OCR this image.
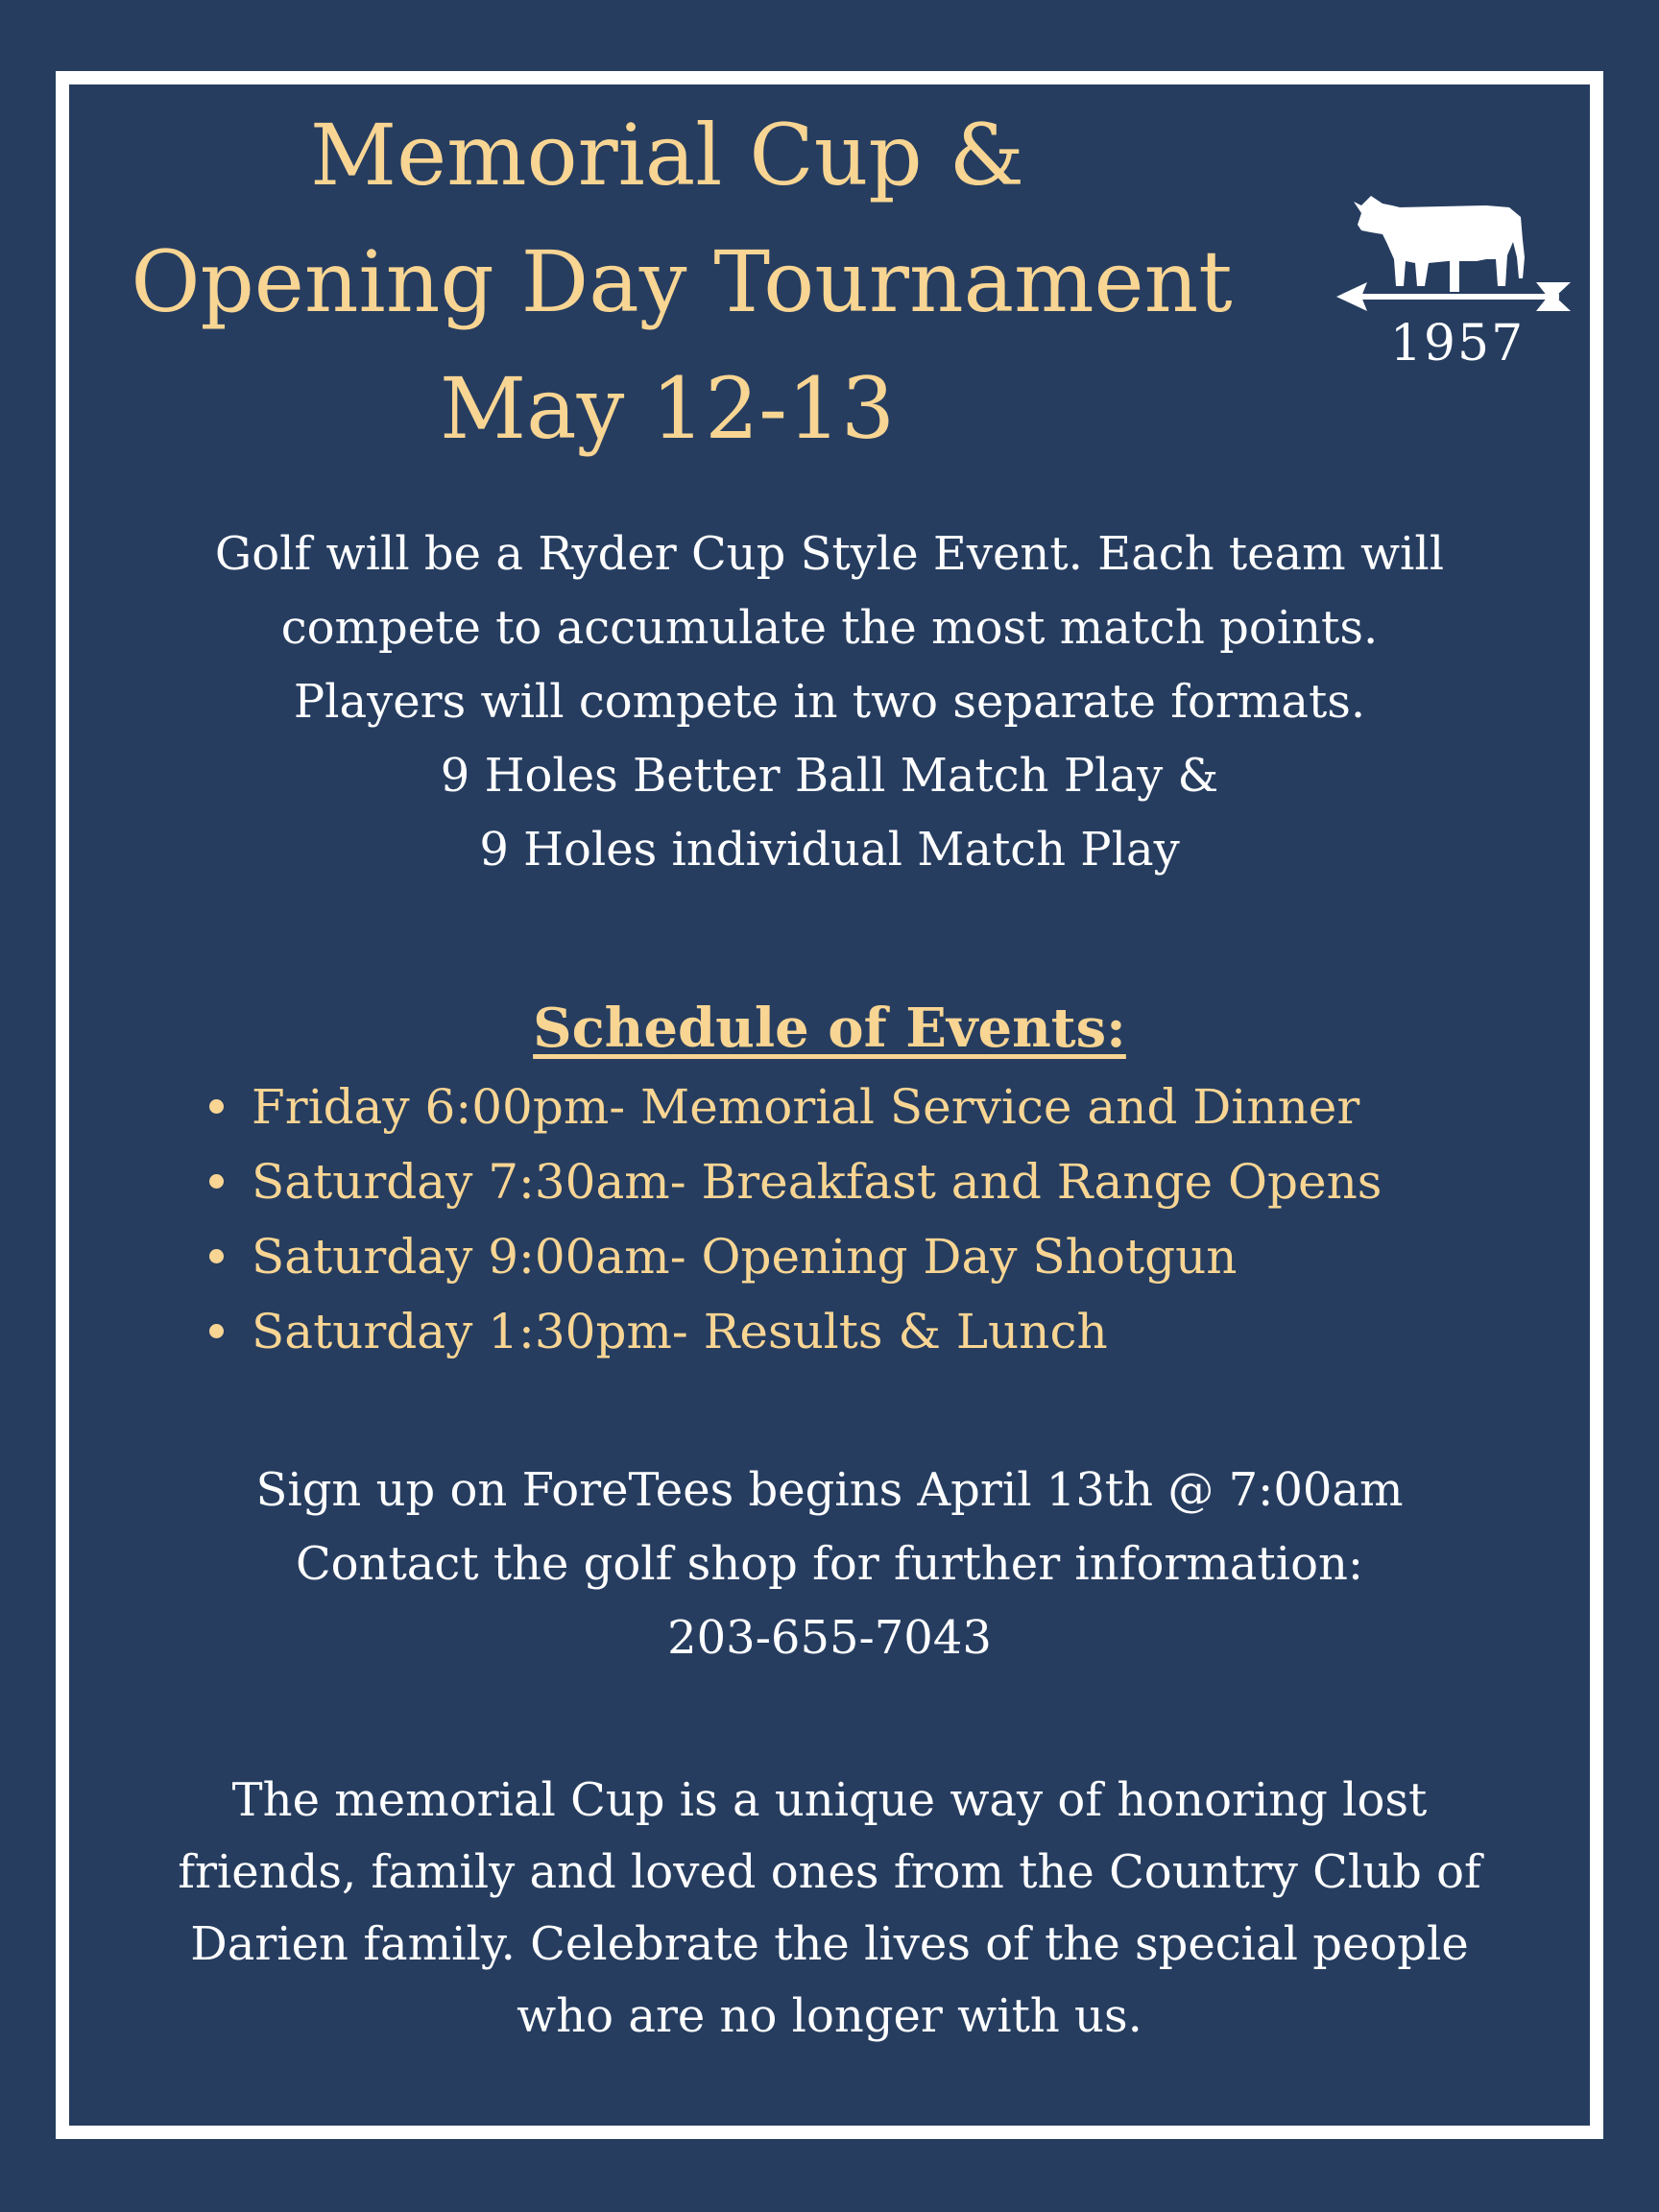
Memorial Cup &
Opening Day Tournament
May 12-13
1957
Golf will be a Ryder Cup Style Event. Each team will
compete to accumulate the most match points.
Players will compete in two separate formats.
9 Holes Better Ball Match Play &
9 Holes individual Match Play
Schedule of Events:
Friday 6:00pm- Memorial Service and Dinner
Saturday 7:30am- Breakfast and Range Opens
Saturday 9:00am- Opening Day Shotgun
Saturday 1:30pm- Results & Lunch
Sign up on ForeTees begins April 13th @ 7:00am
Contact the golf shop for further information:
203-655-7043
The memorial Cup is a unique way of honoring lost
friends, family and loved ones from the Country Club of
Darien family. Celebrate the lives of the special people
who are no longer with us.
